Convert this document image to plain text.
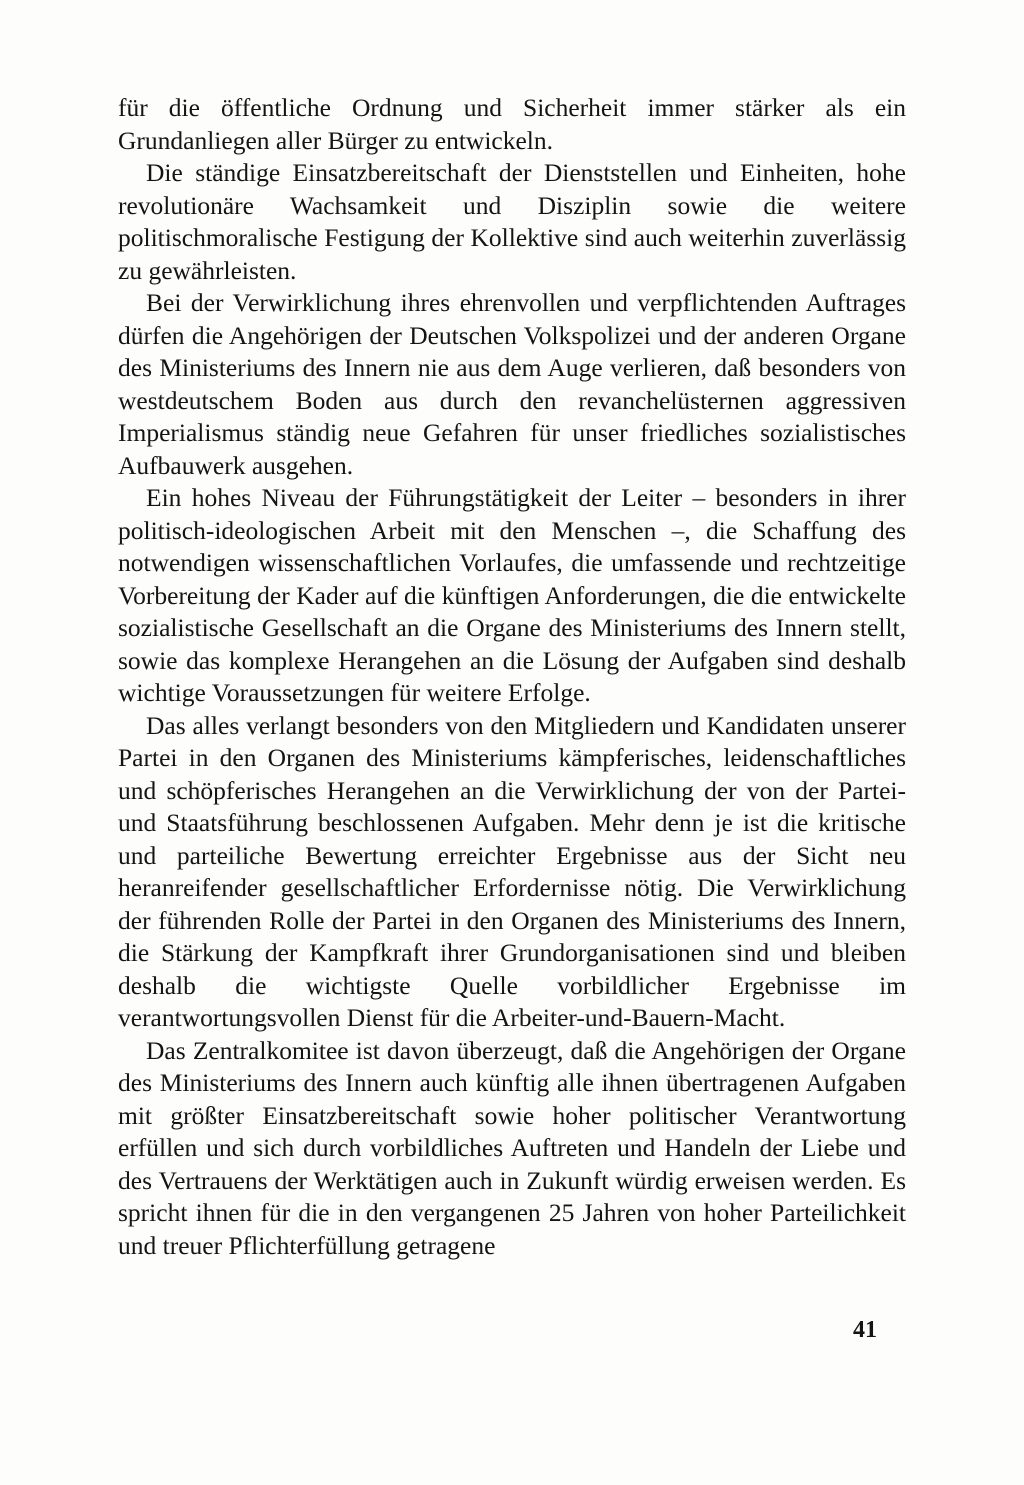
für die öffentliche Ordnung und Sicherheit immer stärker als ein Grundanliegen aller Bürger zu entwickeln.

Die ständige Einsatzbereitschaft der Dienststellen und Einheiten, hohe revolutionäre Wachsamkeit und Disziplin sowie die weitere politischmoralische Festigung der Kollektive sind auch weiterhin zuverlässig zu gewährleisten.

Bei der Verwirklichung ihres ehrenvollen und verpflichtenden Auftrages dürfen die Angehörigen der Deutschen Volkspolizei und der anderen Organe des Ministeriums des Innern nie aus dem Auge verlieren, daß besonders von westdeutschem Boden aus durch den revanchelüsternen aggressiven Imperialismus ständig neue Gefahren für unser friedliches sozialistisches Aufbauwerk ausgehen.

Ein hohes Niveau der Führungstätigkeit der Leiter – besonders in ihrer politisch-ideologischen Arbeit mit den Menschen –, die Schaffung des notwendigen wissenschaftlichen Vorlaufes, die umfassende und rechtzeitige Vorbereitung der Kader auf die künftigen Anforderungen, die die entwickelte sozialistische Gesellschaft an die Organe des Ministeriums des Innern stellt, sowie das komplexe Herangehen an die Lösung der Aufgaben sind deshalb wichtige Voraussetzungen für weitere Erfolge.

Das alles verlangt besonders von den Mitgliedern und Kandidaten unserer Partei in den Organen des Ministeriums kämpferisches, leidenschaftliches und schöpferisches Herangehen an die Verwirklichung der von der Partei- und Staatsführung beschlossenen Aufgaben. Mehr denn je ist die kritische und parteiliche Bewertung erreichter Ergebnisse aus der Sicht neu heranreifender gesellschaftlicher Erfordernisse nötig. Die Verwirklichung der führenden Rolle der Partei in den Organen des Ministeriums des Innern, die Stärkung der Kampfkraft ihrer Grundorganisationen sind und bleiben deshalb die wichtigste Quelle vorbildlicher Ergebnisse im verantwortungsvollen Dienst für die Arbeiter-und-Bauern-Macht.

Das Zentralkomitee ist davon überzeugt, daß die Angehörigen der Organe des Ministeriums des Innern auch künftig alle ihnen übertragenen Aufgaben mit größter Einsatzbereitschaft sowie hoher politischer Verantwortung erfüllen und sich durch vorbildliches Auftreten und Handeln der Liebe und des Vertrauens der Werktätigen auch in Zukunft würdig erweisen werden. Es spricht ihnen für die in den vergangenen 25 Jahren von hoher Parteilichkeit und treuer Pflichterfüllung getragene

41
